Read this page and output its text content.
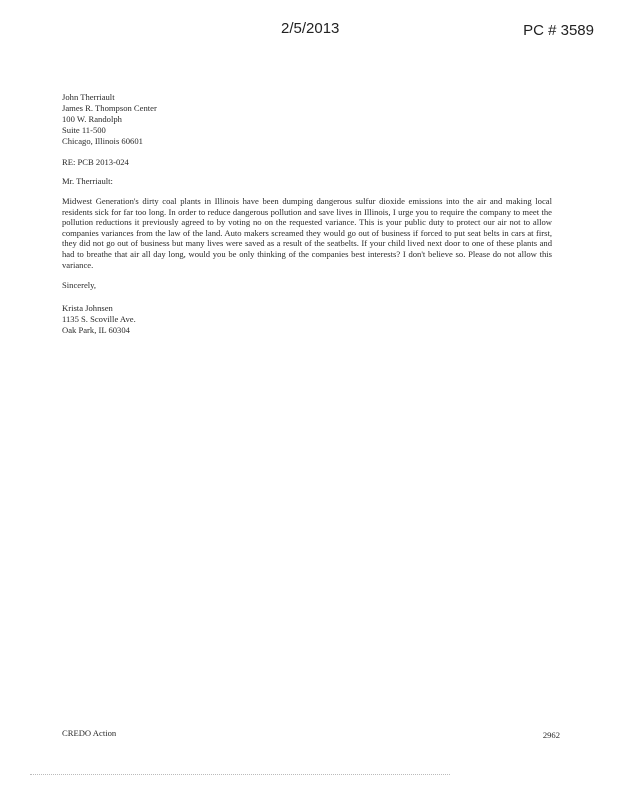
2/5/2013	PC # 3589
John Therriault
James R. Thompson Center
100 W. Randolph
Suite 11-500
Chicago, Illinois 60601
RE: PCB 2013-024
Mr. Therriault:
Midwest Generation's dirty coal plants in Illinois have been dumping dangerous sulfur dioxide emissions into the air and making local residents sick for far too long. In order to reduce dangerous pollution and save lives in Illinois, I urge you to require the company to meet the pollution reductions it previously agreed to by voting no on the requested variance. This is your public duty to protect our air not to allow companies variances from the law of the land. Auto makers screamed they would go out of business if forced to put seat belts in cars at first, they did not go out of business but many lives were saved as a result of the seatbelts. If your child lived next door to one of these plants and had to breathe that air all day long, would you be only thinking of the companies best interests? I don't believe so. Please do not allow this variance.
Sincerely,
Krista Johnsen
1135 S. Scoville Ave.
Oak Park, IL 60304
CREDO Action	2962
